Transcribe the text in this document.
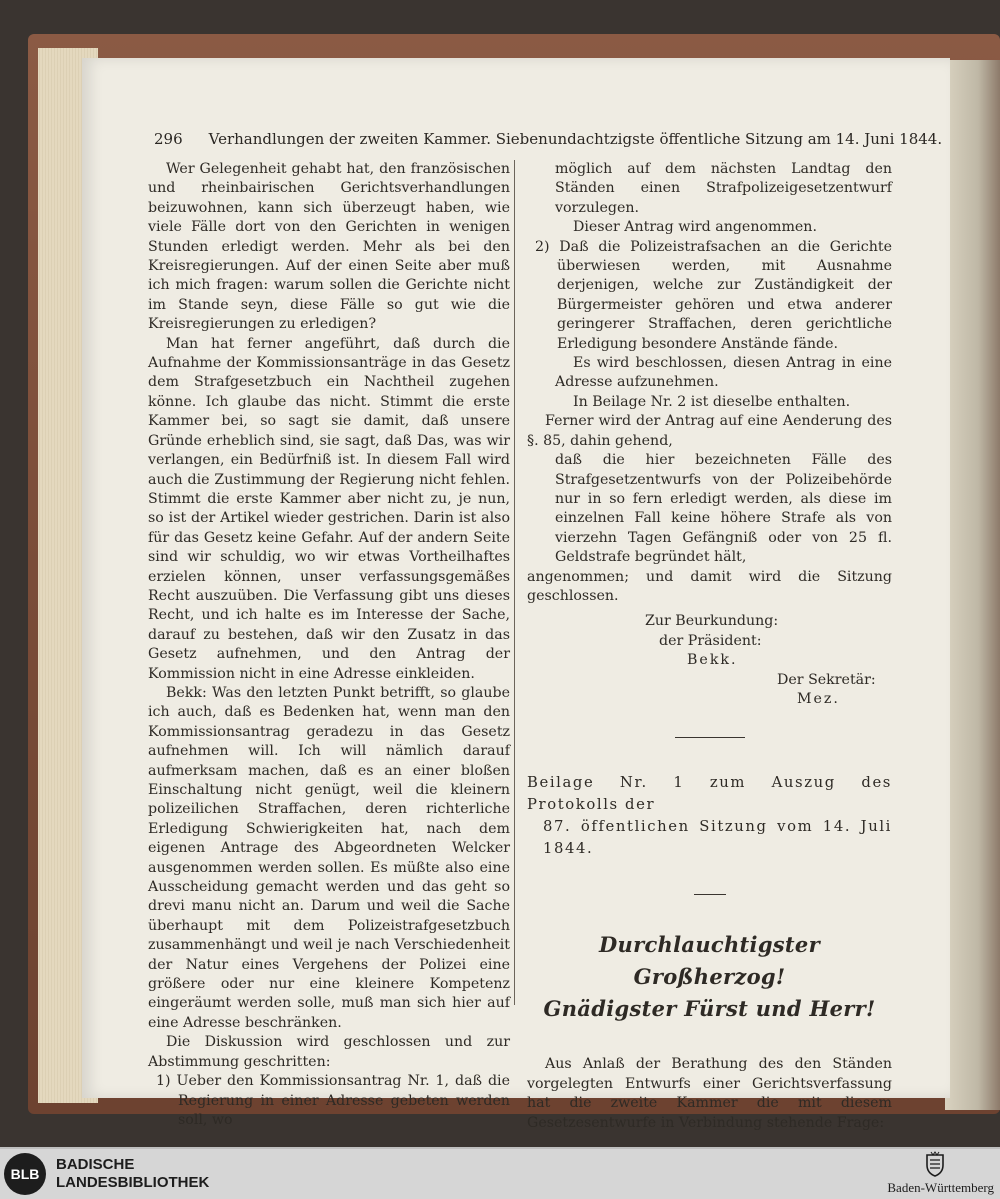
296 Verhandlungen der zweiten Kammer. Siebenundachtzigste öffentliche Sitzung am 14. Juni 1844.

Wer Gelegenheit gehabt hat, den französischen und rheinbairischen Gerichtsverhandlungen beizuwohnen, kann sich überzeugt haben, wie viele Fälle dort von den Gerichten in wenigen Stunden erledigt werden. Mehr als bei den Kreisregierungen. Auf der einen Seite aber muß ich mich fragen: warum sollen die Gerichte nicht im Stande seyn, diese Fälle so gut wie die Kreisregierungen zu erledigen?

Man hat ferner angeführt, daß durch die Aufnahme der Kommissionsanträge in das Gesetz dem Strafgesetzbuch ein Nachtheil zugehen könne. Ich glaube das nicht. Stimmt die erste Kammer bei, so sagt sie damit, daß unsere Gründe erheblich sind, sie sagt, daß Das, was wir verlangen, ein Bedürfniß ist. In diesem Fall wird auch die Zustimmung der Regierung nicht fehlen. Stimmt die erste Kammer aber nicht zu, je nun, so ist der Artikel wieder gestrichen. Darin ist also für das Gesetz keine Gefahr. Auf der andern Seite sind wir schuldig, wo wir etwas Vortheilhaftes erzielen können, unser verfassungsgemäßes Recht auszuüben. Die Verfassung gibt uns dieses Recht, und ich halte es im Interesse der Sache, darauf zu bestehen, daß wir den Zusatz in das Gesetz aufnehmen, und den Antrag der Kommission nicht in eine Adresse einkleiden.

Bekk: Was den letzten Punkt betrifft, so glaube ich auch, daß es Bedenken hat, wenn man den Kommissionsantrag geradezu in das Gesetz aufnehmen will. Ich will nämlich darauf aufmerksam machen, daß es an einer bloßen Einschaltung nicht genügt, weil die kleinern polizeilichen Straffachen, deren richterliche Erledigung Schwierigkeiten hat, nach dem eigenen Antrage des Abgeordneten Welcker ausgenommen werden sollen. Es müßte also eine Ausscheidung gemacht werden und das geht so drevi manu nicht an. Darum und weil die Sache überhaupt mit dem Polizeistrafgesetzbuch zusammenhängt und weil je nach Verschiedenheit der Natur eines Vergehens der Polizei eine größere oder nur eine kleinere Kompetenz eingeräumt werden solle, muß man sich hier auf eine Adresse beschränken.

Die Diskussion wird geschlossen und zur Abstimmung geschritten:

1) Ueber den Kommissionsantrag Nr. 1, daß die Regierung in einer Adresse gebeten werden soll, wo

möglich auf dem nächsten Landtag den Ständen einen Strafpolizeigesetzentwurf vorzulegen.

Dieser Antrag wird angenommen.

2) Daß die Polizeistrafsachen an die Gerichte überwiesen werden, mit Ausnahme derjenigen, welche zur Zuständigkeit der Bürgermeister gehören und etwa anderer geringerer Straffachen, deren gerichtliche Erledigung besondere Anstände fände.

Es wird beschlossen, diesen Antrag in eine Adresse aufzunehmen.

In Beilage Nr. 2 ist dieselbe enthalten.

Ferner wird der Antrag auf eine Aenderung des §. 85, dahin gehend,

daß die hier bezeichneten Fälle des Strafgesetzentwurfs von der Polizeibehörde nur in so fern erledigt werden, als diese im einzelnen Fall keine höhere Strafe als von vierzehn Tagen Gefängniß oder von 25 fl. Geldstrafe begründet hält,

angenommen; und damit wird die Sitzung geschlossen.

Zur Beurkundung:

der Präsident:

Bekk.

Der Sekretär:

Mez.

Beilage Nr. 1 zum Auszug des Protokolls der

87. öffentlichen Sitzung vom 14. Juli 1844.

Durchlauchtigster Großherzog!

Gnädigster Fürst und Herr!

Aus Anlaß der Berathung des den Ständen vorgelegten Entwurfs einer Gerichtsverfassung hat die zweite Kammer die mit diesem Gesetzesentwurfe in Verbindung stehende Frage:

BLB
BADISCHE
LANDESBIBLIOTHEK	Baden-Württemberg
